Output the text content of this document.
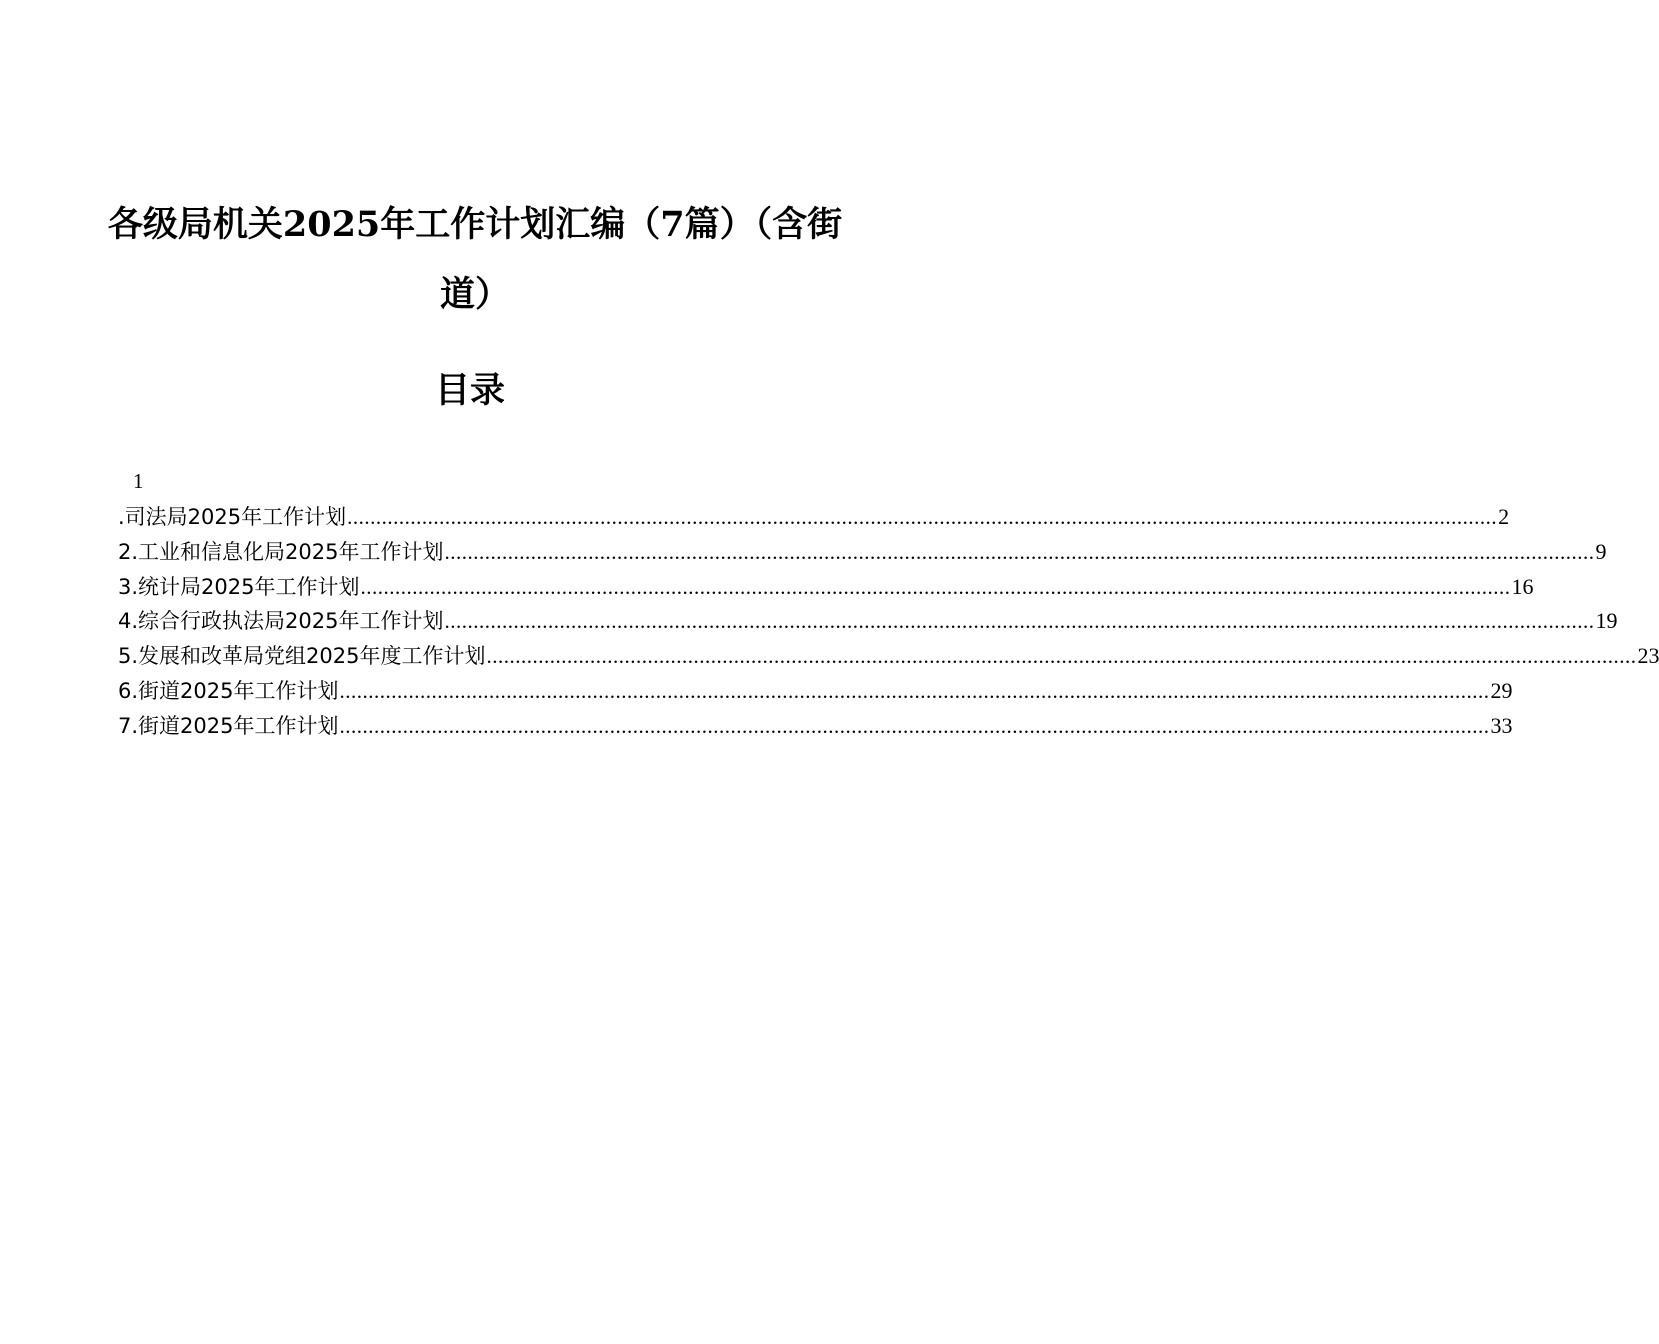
各级局机关2025年工作计划汇编（7篇）（含街道）
目录
1
.司法局2025年工作计划 ........................................................................................................................................................................................................ 2
2.工业和信息化局2025年工作计划 ........................................................................................................................................................................................................ 9
3.统计局2025年工作计划 ........................................................................................................................................................................................................ 16
4.综合行政执法局2025年工作计划 ........................................................................................................................................................................................................ 19
5.发展和改革局党组2025年度工作计划 ........................................................................................................................................................................................................ 23
6.街道2025年工作计划 ........................................................................................................................................................................................................ 29
7.街道2025年工作计划 ........................................................................................................................................................................................................ 33
